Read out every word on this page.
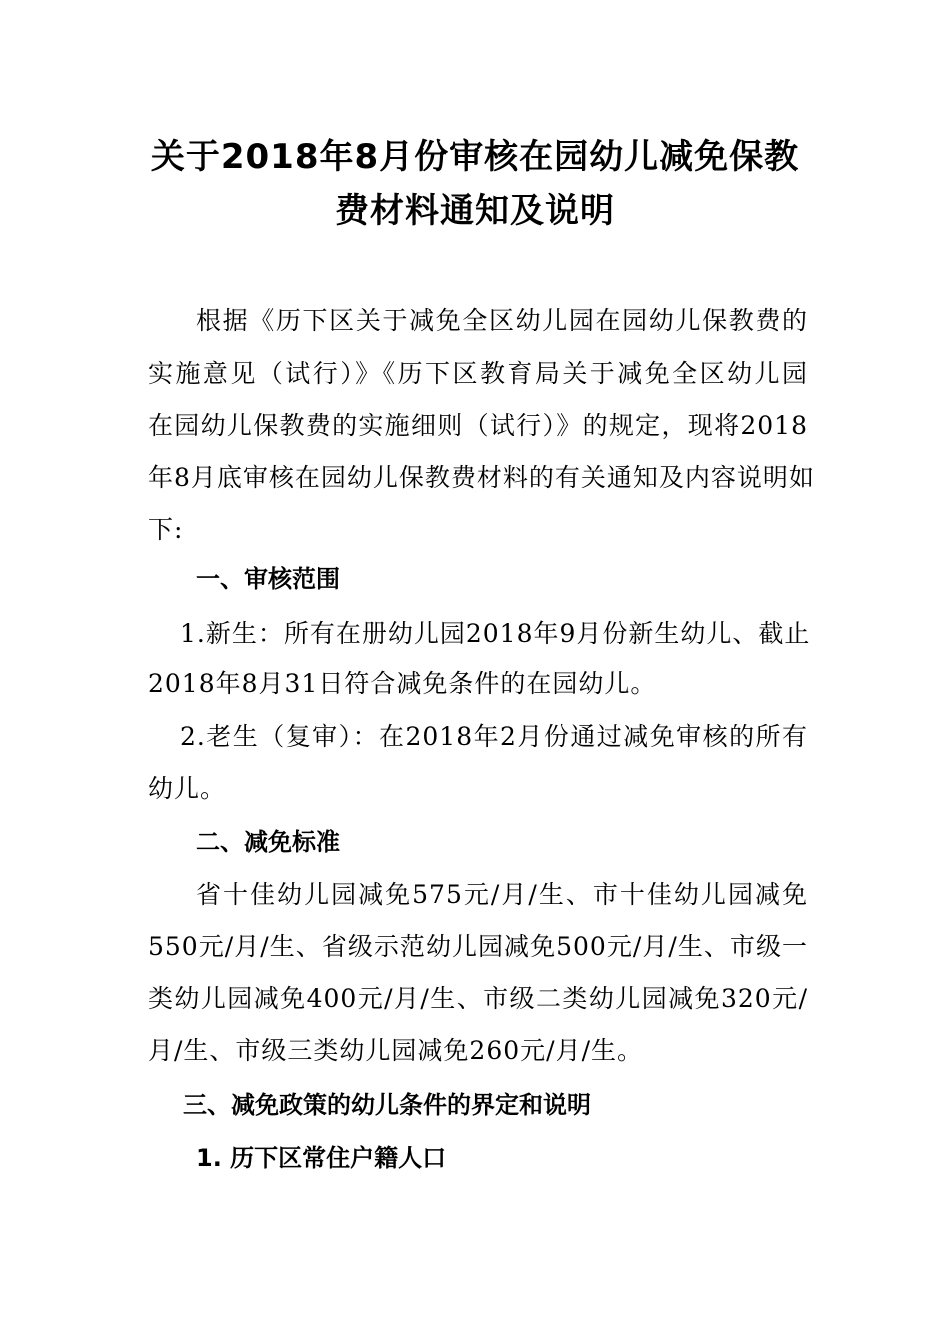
关于2018年8月份审核在园幼儿减免保教
费材料通知及说明
根据《历下区关于减免全区幼儿园在园幼儿保教费的
实施意见（试行）》《历下区教育局关于减免全区幼儿园
在园幼儿保教费的实施细则（试行）》的规定，现将2018
年8月底审核在园幼儿保教费材料的有关通知及内容说明如
下:
一、审核范围
1.新生：所有在册幼儿园2018年9月份新生幼儿、截止
2018年8月31日符合减免条件的在园幼儿。
2.老生（复审）：在2018年2月份通过减免审核的所有
幼儿。
二、减免标准
省十佳幼儿园减免575元/月/生、市十佳幼儿园减免
550元/月/生、省级示范幼儿园减免500元/月/生、市级一
类幼儿园减免400元/月/生、市级二类幼儿园减免320元/
月/生、市级三类幼儿园减免260元/月/生。
三、减免政策的幼儿条件的界定和说明
1. 历下区常住户籍人口
